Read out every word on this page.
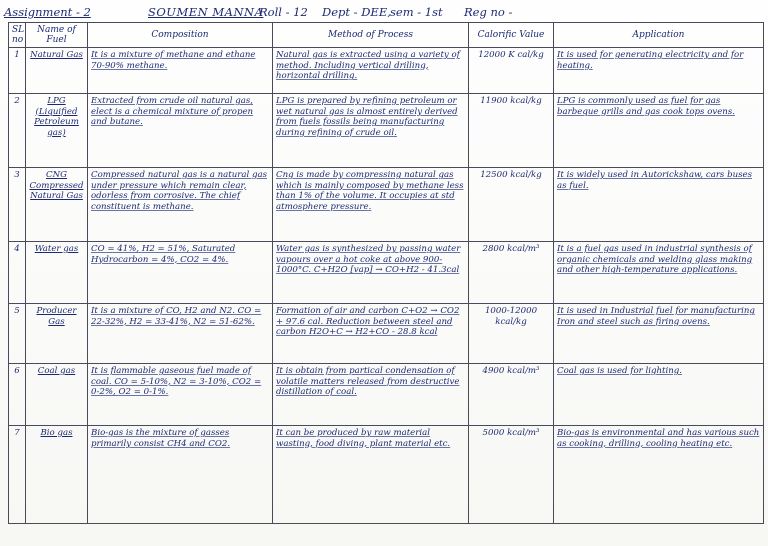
Assignment - 2	SOUMEN MANNA
Roll - 12 Dept - DEE, sem - 1st Reg no -
SL no	Name of Fuel	Composition	Method of Process	Calorific Value	Application
1	Natural Gas	It is a mixture of methane and ethane 70-90% methane.	Natural gas is extracted using a variety of method. Including vertical drilling, horizontal drilling.	12000 K cal/kg	It is used for generating electricity and for heating.
2	LPG (Liquified Petroleum gas)	Extracted from crude oil natural gas, elect is a chemical mixture of propen and butane.	LPG is prepared by refining petroleum or wet natural gas is almost entirely derived from fuels fossils being manufacturing during refining of crude oil.	11900 kcal/kg	LPG is commonly used as fuel for gas barbeque grills and gas cook tops ovens.
3	CNG Compressed Natural Gas	Compressed natural gas is a natural gas under pressure which remain clear, odorless from corrosive. The chief constituent is methane.	Cng is made by compressing natural gas which is mainly composed by methane less than 1% of the volume. It occupies at std atmosphere pressure.	12500 kcal/kg	It is widely used in Autorickshaw, cars buses as fuel.
4	Water gas	CO = 41%, H2 = 51%, Saturated Hydrocarbon = 4%, CO2 = 4%.	Water gas is synthesized by passing water vapours over a hot coke at above 900-1000°C. C+H2O [vap] → CO+H2 - 41.3cal	2800 kcal/m³	It is a fuel gas used in industrial synthesis of organic chemicals and welding glass making and other high-temperature applications.
5	Producer Gas	It is a mixture of CO, H2 and N2. CO = 22-32%, H2 = 33-41%, N2 = 51-62%.	Formation of air and carbon C+O2 → CO2 + 97.6 cal. Reduction between steel and carbon H2O+C → H2+CO - 28.8 kcal	1000-12000 kcal/kg	It is used in Industrial fuel for manufacturing Iron and steel such as firing ovens.
6	Coal gas	It is flammable gaseous fuel made of coal. CO = 5-10%, N2 = 3-10%, CO2 = 0-2%, O2 = 0-1%.	It is obtain from partical condensation of volatile matters released from destructive distillation of coal.	4900 kcal/m³	Coal gas is used for lighting.
7	Bio gas	Bio-gas is the mixture of gasses primarily consist CH4 and CO2.	It can be produced by raw material wasting, food diving, plant material etc.	5000 kcal/m³	Bio-gas is environmental and has various such as cooking, drilling, cooling heating etc.
